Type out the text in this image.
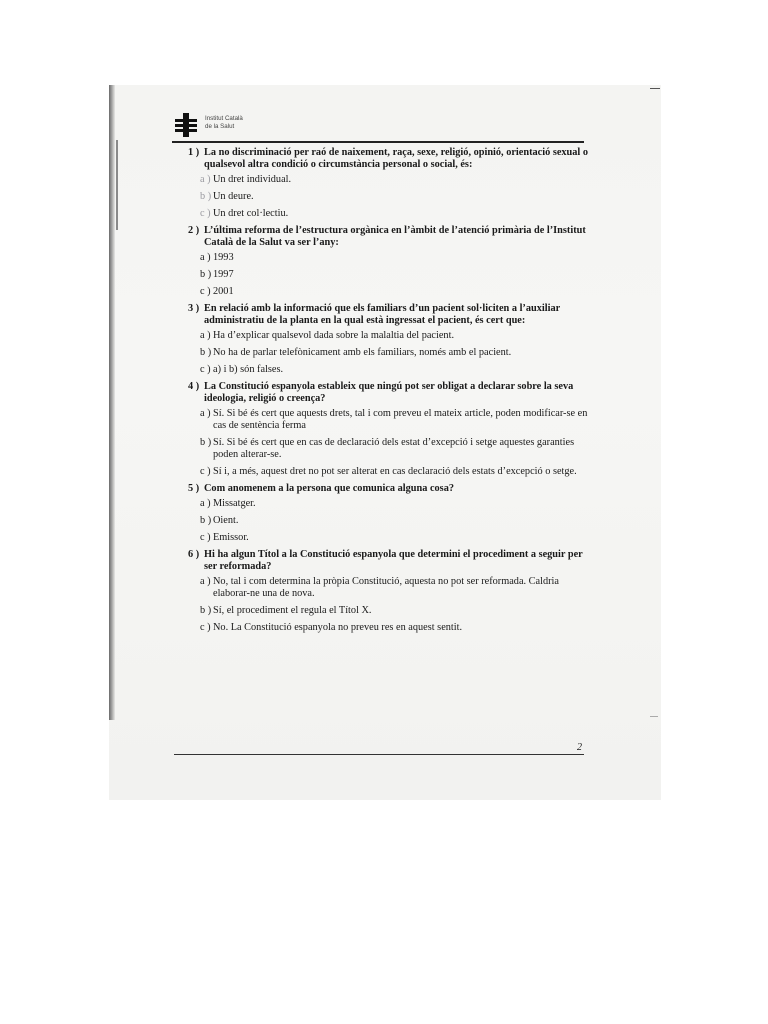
Institut Català
de la Salut
1 ) La no discriminació per raó de naixement, raça, sexe, religió, opinió, orientació sexual o qualsevol altra condició o circumstància personal o social, és:
a ) Un dret individual.
b ) Un deure.
c ) Un dret col·lectiu.
2 ) L’última reforma de l’estructura orgànica en l’àmbit de l’atenció primària de l’Institut Català de la Salut va ser l’any:
a ) 1993
b ) 1997
c ) 2001
3 ) En relació amb la informació que els familiars d’un pacient sol·liciten a l’auxiliar administratiu de la planta en la qual està ingressat el pacient, és cert que:
a ) Ha d’explicar qualsevol dada sobre la malaltia del pacient.
b ) No ha de parlar telefònicament amb els familiars, només amb el pacient.
c ) a) i b) són falses.
4 ) La Constitució espanyola estableix que ningú pot ser obligat a declarar sobre la seva ideologia, religió o creença?
a ) Sí. Si bé és cert que aquests drets, tal i com preveu el mateix article, poden modificar-se en cas de sentència ferma
b ) Sí. Si bé és cert que en cas de declaració dels estat d’excepció i setge aquestes garanties poden alterar-se.
c ) Sí i, a més, aquest dret no pot ser alterat en cas declaració dels estats d’excepció o setge.
5 ) Com anomenem a la persona que comunica alguna cosa?
a ) Missatger.
b ) Oient.
c ) Emissor.
6 ) Hi ha algun Títol a la Constitució espanyola que determini el procediment a seguir per ser reformada?
a ) No, tal i com determina la pròpia Constitució, aquesta no pot ser reformada. Caldria elaborar-ne una de nova.
b ) Sí, el procediment el regula el Títol X.
c ) No. La Constitució espanyola no preveu res en aquest sentit.
2
